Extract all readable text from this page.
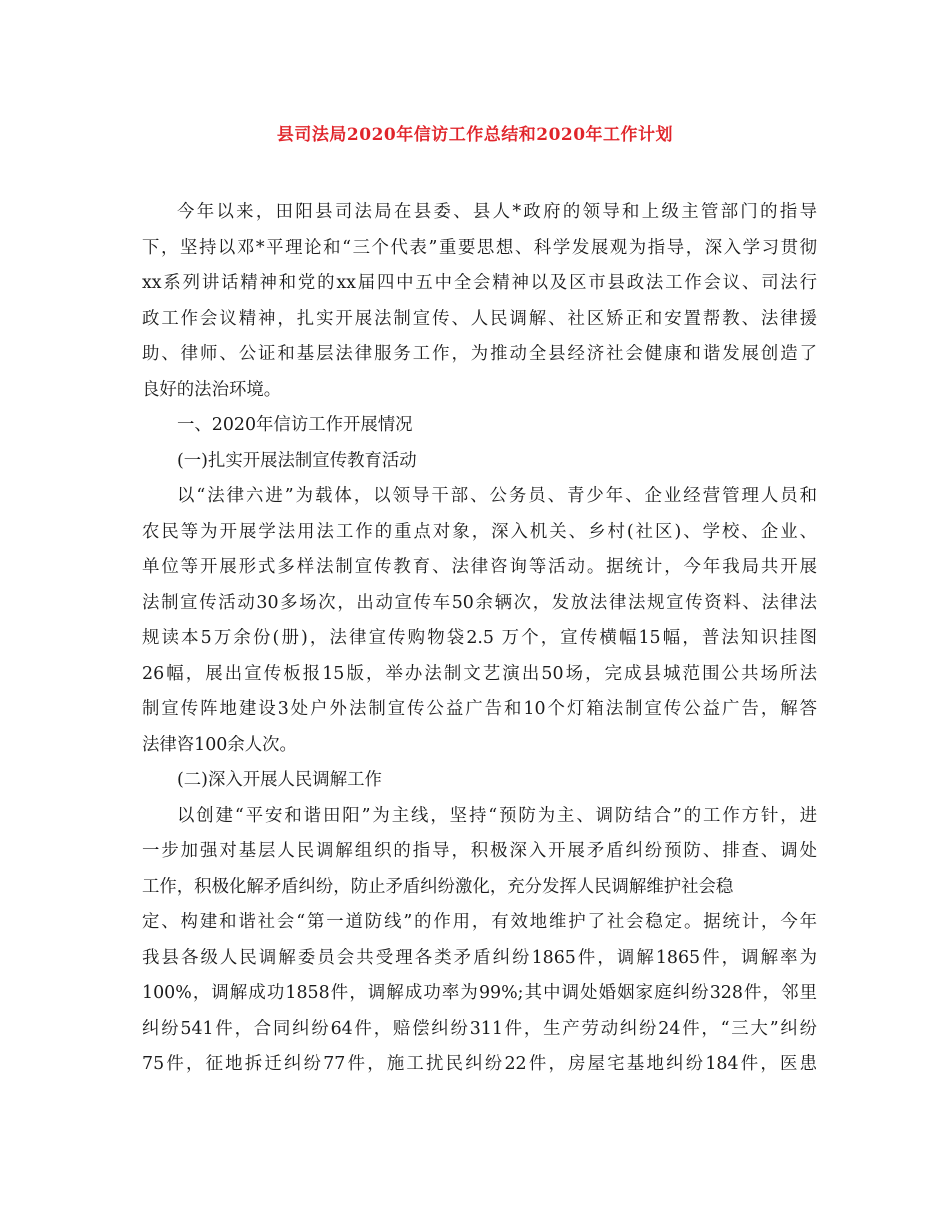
县司法局2020年信访工作总结和2020年工作计划
今年以来，田阳县司法局在县委、县人*政府的领导和上级主管部门的指导
下，坚持以邓*平理论和“三个代表”重要思想、科学发展观为指导，深入学习贯彻
xx系列讲话精神和党的xx届四中五中全会精神以及区市县政法工作会议、司法行
政工作会议精神，扎实开展法制宣传、人民调解、社区矫正和安置帮教、法律援
助、律师、公证和基层法律服务工作，为推动全县经济社会健康和谐发展创造了
良好的法治环境。
一、2020年信访工作开展情况
(一)扎实开展法制宣传教育活动
以“法律六进”为载体，以领导干部、公务员、青少年、企业经营管理人员和
农民等为开展学法用法工作的重点对象，深入机关、乡村(社区)、学校、企业、
单位等开展形式多样法制宣传教育、法律咨询等活动。据统计，今年我局共开展
法制宣传活动30多场次，出动宣传车50余辆次，发放法律法规宣传资料、法律法
规读本5万余份(册)，法律宣传购物袋2.5 万个，宣传横幅15幅，普法知识挂图
26幅，展出宣传板报15版，举办法制文艺演出50场，完成县城范围公共场所法
制宣传阵地建设3处户外法制宣传公益广告和10个灯箱法制宣传公益广告，解答
法律咨100余人次。
(二)深入开展人民调解工作
以创建“平安和谐田阳”为主线，坚持“预防为主、调防结合”的工作方针，进
一步加强对基层人民调解组织的指导，积极深入开展矛盾纠纷预防、排查、调处
工作，积极化解矛盾纠纷，防止矛盾纠纷激化，充分发挥人民调解维护社会稳
定、构建和谐社会“第一道防线”的作用，有效地维护了社会稳定。据统计，今年
我县各级人民调解委员会共受理各类矛盾纠纷1865件，调解1865件，调解率为
100%，调解成功1858件，调解成功率为99%;其中调处婚姻家庭纠纷328件，邻里
纠纷541件，合同纠纷64件，赔偿纠纷311件，生产劳动纠纷24件，“三大”纠纷
75件，征地拆迁纠纷77件，施工扰民纠纷22件，房屋宅基地纠纷184件，医患
